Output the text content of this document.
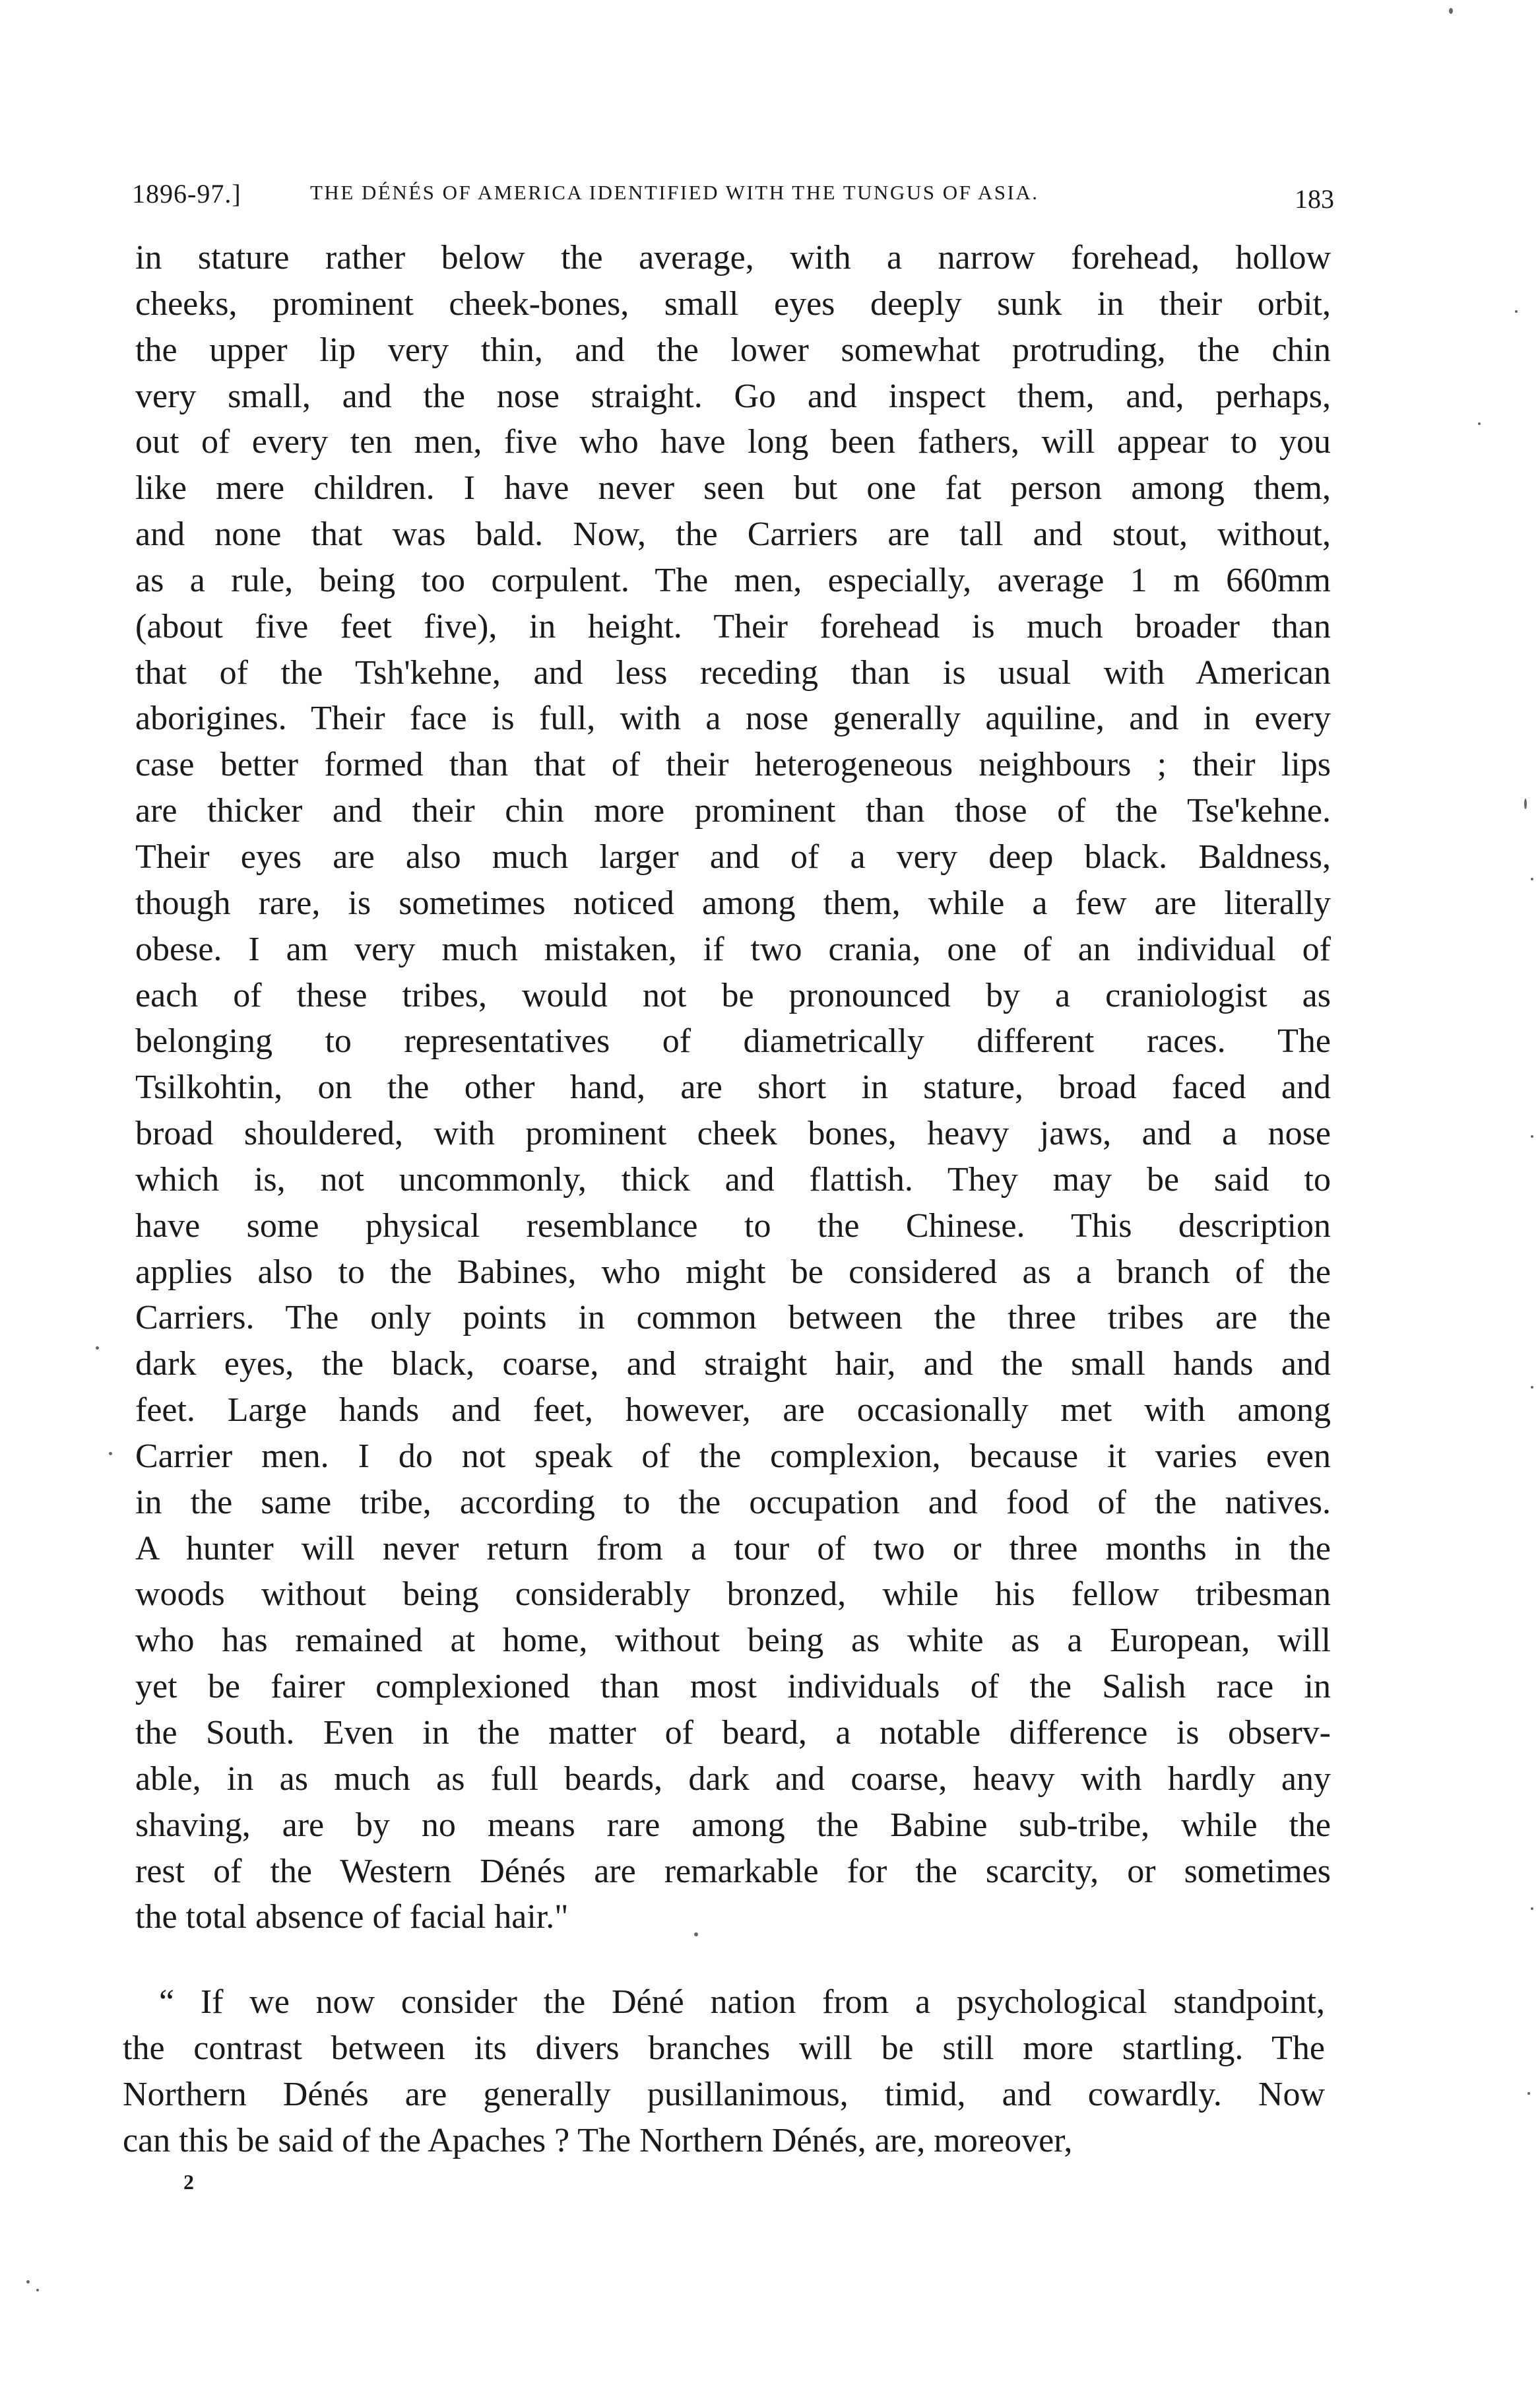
1896-97.]	THE DÉNÉS OF AMERICA IDENTIFIED WITH THE TUNGUS OF ASIA.	183
in stature rather below the average, with a narrow forehead, hollow
cheeks, prominent cheek-bones, small eyes deeply sunk in their orbit,
the upper lip very thin, and the lower somewhat protruding, the chin
very small, and the nose straight. Go and inspect them, and, perhaps,
out of every ten men, five who have long been fathers, will appear to you
like mere children. I have never seen but one fat person among them,
and none that was bald. Now, the Carriers are tall and stout, without,
as a rule, being too corpulent. The men, especially, average 1 m 660mm
(about five feet five), in height. Their forehead is much broader than
that of the Tsh'kehne, and less receding than is usual with American
aborigines. Their face is full, with a nose generally aquiline, and in every
case better formed than that of their heterogeneous neighbours ; their lips
are thicker and their chin more prominent than those of the Tse'kehne.
Their eyes are also much larger and of a very deep black. Baldness,
though rare, is sometimes noticed among them, while a few are literally
obese. I am very much mistaken, if two crania, one of an individual of
each of these tribes, would not be pronounced by a craniologist as
belonging to representatives of diametrically different races. The
Tsilkohtin, on the other hand, are short in stature, broad faced and
broad shouldered, with prominent cheek bones, heavy jaws, and a nose
which is, not uncommonly, thick and flattish. They may be said to
have some physical resemblance to the Chinese. This description
applies also to the Babines, who might be considered as a branch of the
Carriers. The only points in common between the three tribes are the
dark eyes, the black, coarse, and straight hair, and the small hands and
feet. Large hands and feet, however, are occasionally met with among
Carrier men. I do not speak of the complexion, because it varies even
in the same tribe, according to the occupation and food of the natives.
A hunter will never return from a tour of two or three months in the
woods without being considerably bronzed, while his fellow tribesman
who has remained at home, without being as white as a European, will
yet be fairer complexioned than most individuals of the Salish race in
the South. Even in the matter of beard, a notable difference is observ-
able, in as much as full beards, dark and coarse, heavy with hardly any
shaving, are by no means rare among the Babine sub-tribe, while the
rest of the Western Dénés are remarkable for the scarcity, or sometimes
the total absence of facial hair."
“ If we now consider the Déné nation from a psychological standpoint,
the contrast between its divers branches will be still more startling. The
Northern Dénés are generally pusillanimous, timid, and cowardly. Now
can this be said of the Apaches ? The Northern Dénés, are, moreover,
2
